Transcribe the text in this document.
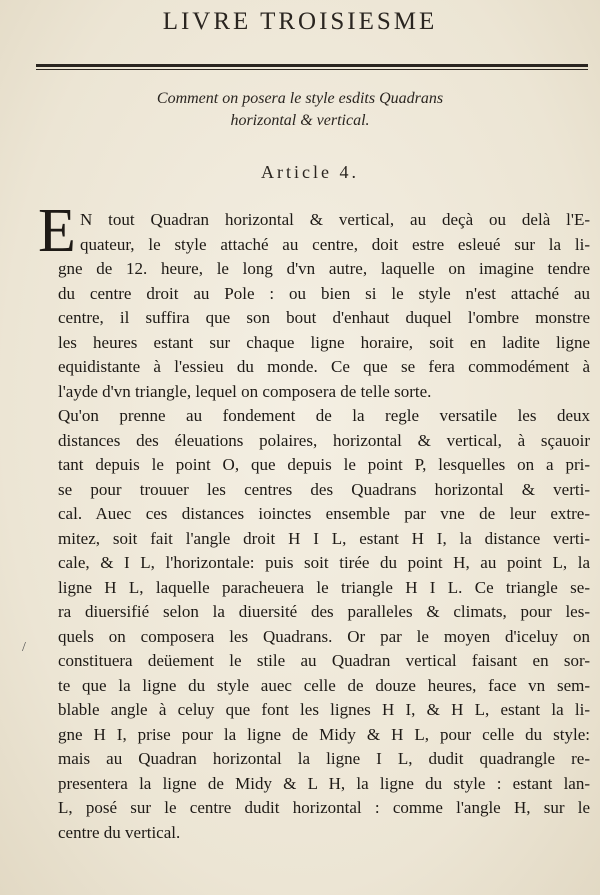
LIVRE TROISIESME
Comment on posera le style esdits Quadrans
horizontal & vertical.
Article 4.
E N tout Quadran horizontal & vertical, au deçà ou delà l'E-
quateur, le style attaché au centre, doit estre esleué sur la li-
gne de 12. heure, le long d'vn autre, laquelle on imagine tendre
du centre droit au Pole : ou bien si le style n'est attaché au
centre, il suffira que son bout d'enhaut duquel l'ombre monstre
les heures estant sur chaque ligne horaire, soit en ladite ligne
equidistante à l'essieu du monde. Ce que se fera commodément à
l'ayde d'vn triangle, lequel on composera de telle sorte.
Qu'on prenne au fondement de la regle versatile les deux
distances des éleuations polaires, horizontal & vertical, à sçauoir
tant depuis le point O, que depuis le point P, lesquelles on a pri-
se pour trouuer les centres des Quadrans horizontal & verti-
cal. Auec ces distances ioinctes ensemble par vne de leur extre-
mitez, soit fait l'angle droit H I L, estant H I, la distance verti-
cale, & I L, l'horizontale: puis soit tirée du point H, au point L, la
ligne H L, laquelle paracheuera le triangle H I L. Ce triangle se-
ra diuersifié selon la diuersité des paralleles & climats, pour les-
quels on composera les Quadrans. Or par le moyen d'iceluy on
constituera deüement le stile au Quadran vertical faisant en sor-
te que la ligne du style auec celle de douze heures, face vn sem-
blable angle à celuy que font les lignes H I, & H L, estant la li-
gne H I, prise pour la ligne de Midy & H L, pour celle du style:
mais au Quadran horizontal la ligne I L, dudit quadrangle re-
presentera la ligne de Midy & L H, la ligne du style : estant lan-
L, posé sur le centre dudit horizontal : comme l'angle H, sur le
centre du vertical.
/
